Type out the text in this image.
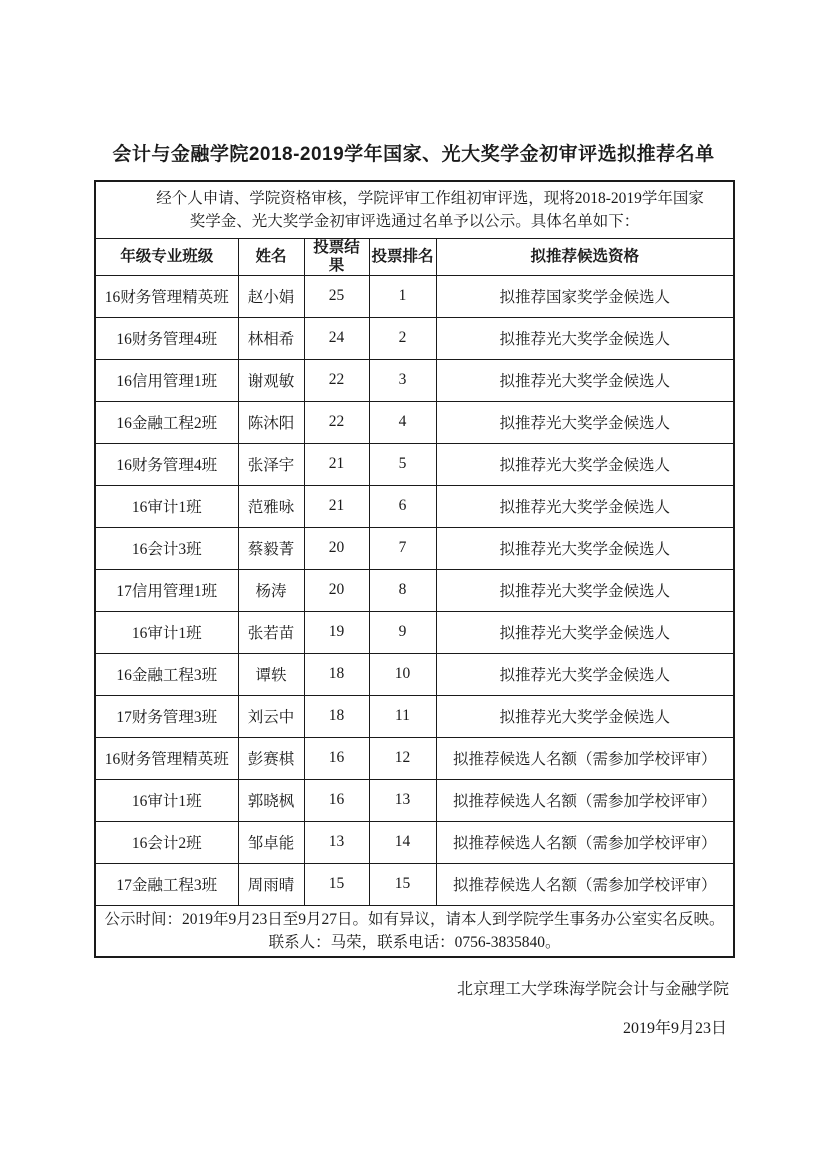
会计与金融学院2018-2019学年国家、光大奖学金初审评选拟推荐名单
经个人申请、学院资格审核，学院评审工作组初审评选，现将2018-2019学年国家
奖学金、光大奖学金初审评选通过名单予以公示。具体名单如下：				

年级专业班级	姓名	投票结果	投票排名	拟推荐候选资格
16财务管理精英班	赵小娟	25	1	拟推荐国家奖学金候选人
16财务管理4班	林相希	24	2	拟推荐光大奖学金候选人
16信用管理1班	谢观敏	22	3	拟推荐光大奖学金候选人
16金融工程2班	陈沐阳	22	4	拟推荐光大奖学金候选人
16财务管理4班	张泽宇	21	5	拟推荐光大奖学金候选人
16审计1班	范雅咏	21	6	拟推荐光大奖学金候选人
16会计3班	蔡毅菁	20	7	拟推荐光大奖学金候选人
17信用管理1班	杨涛	20	8	拟推荐光大奖学金候选人
16审计1班	张若苗	19	9	拟推荐光大奖学金候选人
16金融工程3班	谭轶	18	10	拟推荐光大奖学金候选人
17财务管理3班	刘云中	18	11	拟推荐光大奖学金候选人
16财务管理精英班	彭赛棋	16	12	拟推荐候选人名额（需参加学校评审）
16审计1班	郭晓枫	16	13	拟推荐候选人名额（需参加学校评审）
16会计2班	邹卓能	13	14	拟推荐候选人名额（需参加学校评审）
17金融工程3班	周雨晴	15	15	拟推荐候选人名额（需参加学校评审）

公示时间：2019年9月23日至9月27日。如有异议，请本人到学院学生事务办公室实名反映。
联系人：马荣，联系电话：0756-3835840。				
北京理工大学珠海学院会计与金融学院
2019年9月23日
